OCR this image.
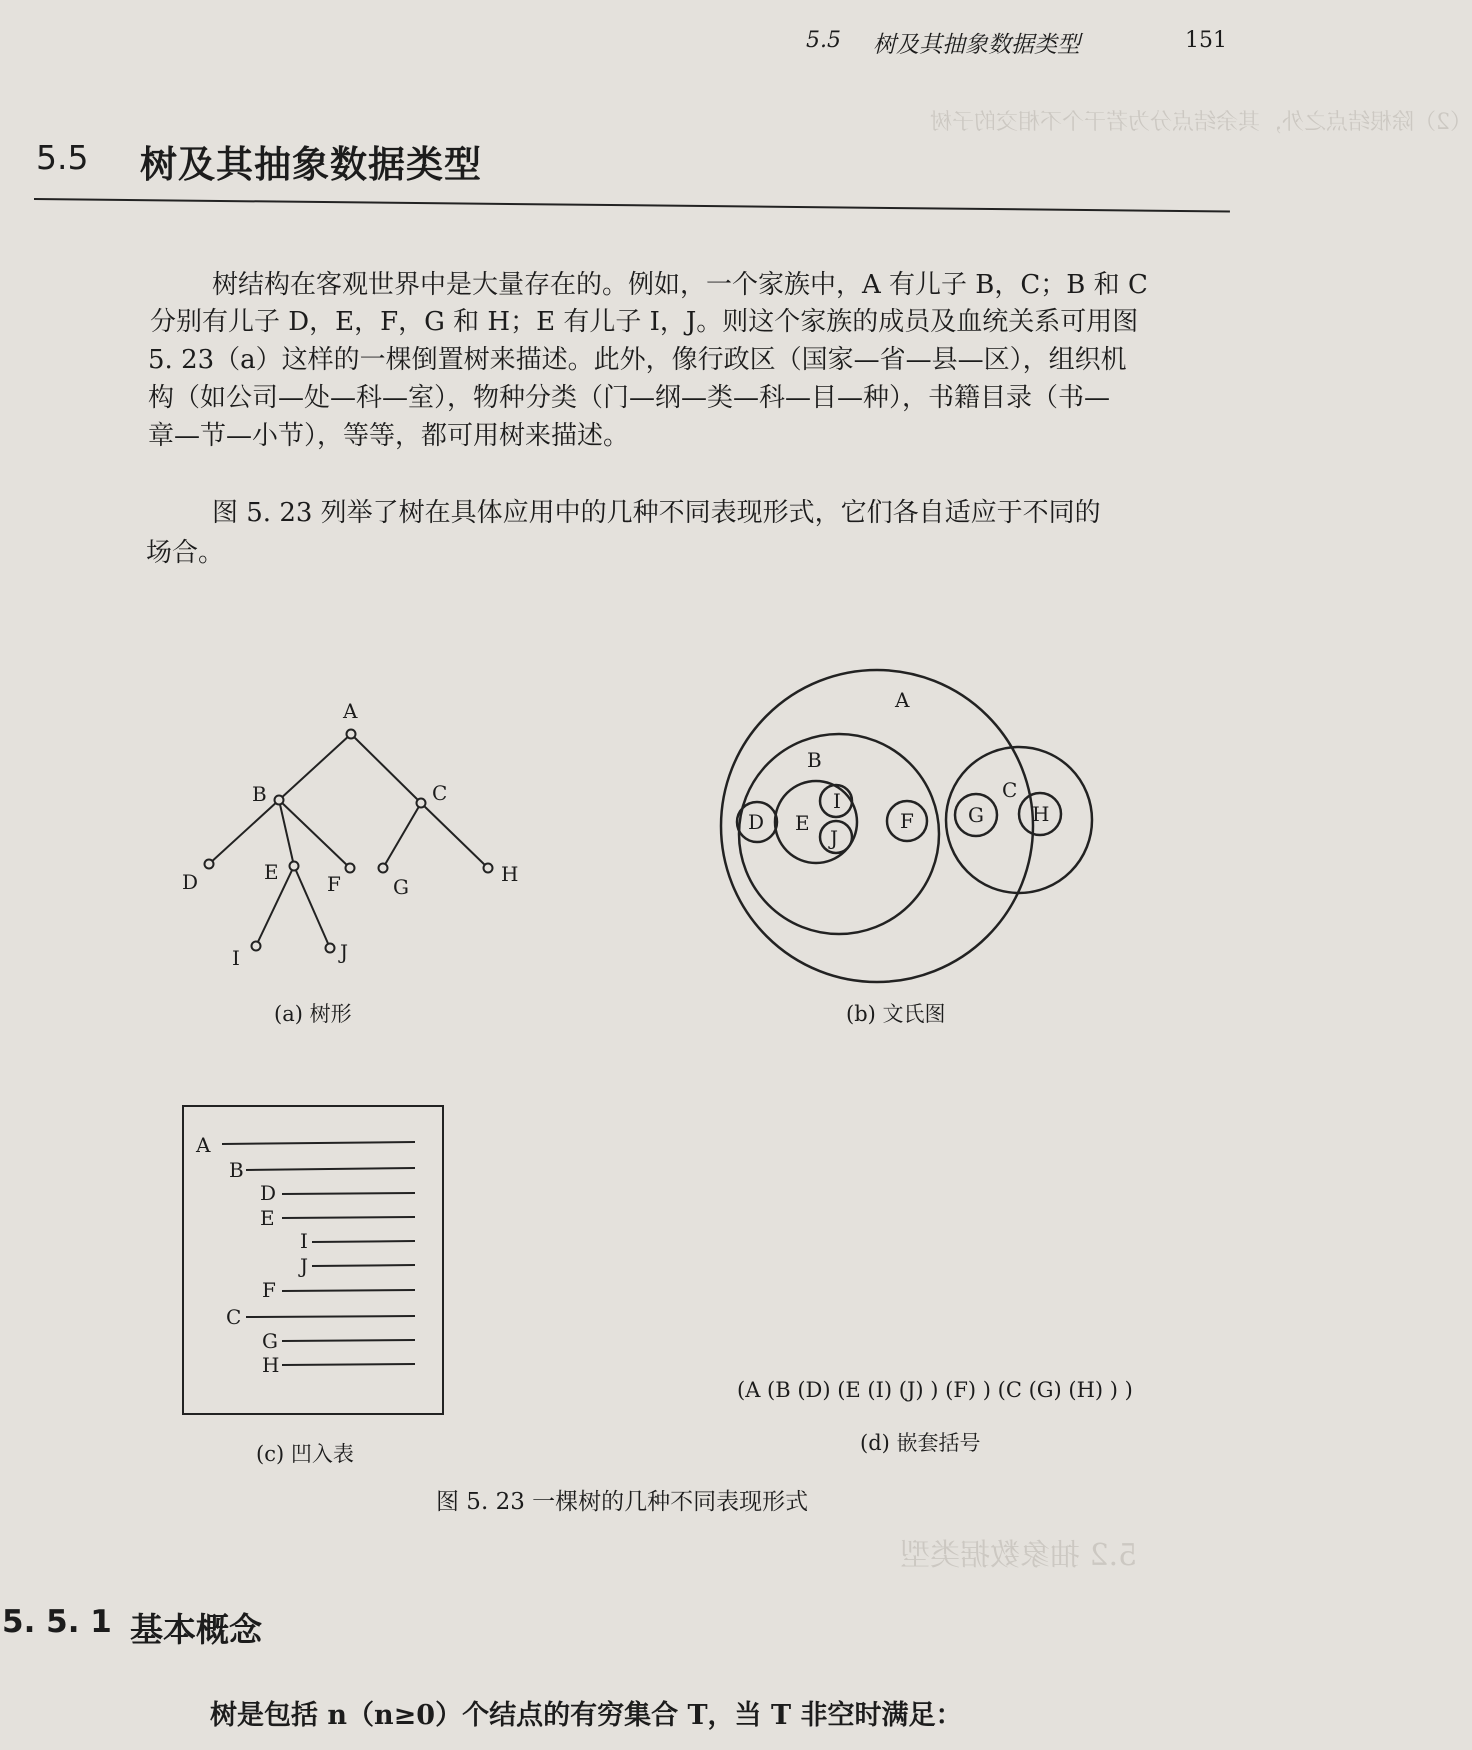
（2）除根结点之外，其余结点分为若干个不相交的子树
5.2 抽象数据类型
5.5 树及其抽象数据类型	151
5.5 树及其抽象数据类型
树结构在客观世界中是大量存在的。例如，一个家族中，A 有儿子 B，C；B 和 C
分别有儿子 D，E，F，G 和 H；E 有儿子 I，J。则这个家族的成员及血统关系可用图
5. 23（a）这样的一棵倒置树来描述。此外，像行政区（国家—省—县—区），组织机
构（如公司—处—科—室），物种分类（门—纲—类—科—目—种），书籍目录（书—
章—节—小节），等等，都可用树来描述。
图 5. 23 列举了树在具体应用中的几种不同表现形式，它们各自适应于不同的
场合。
A
B	C
D	E F	G
H
I	J
A
B
C
D E
I
J
F	G H
A
B
D
E
I
J
F
C
G
H
(a) 树形	(b) 文氏图
(c) 凹入表
(A (B (D) (E (I) (J) ) (F) ) (C (G) (H) ) )
(d) 嵌套括号
图 5. 23 一棵树的几种不同表现形式
5. 5. 1 基本概念
树是包括 n（n≥0）个结点的有穷集合 T，当 T 非空时满足：
